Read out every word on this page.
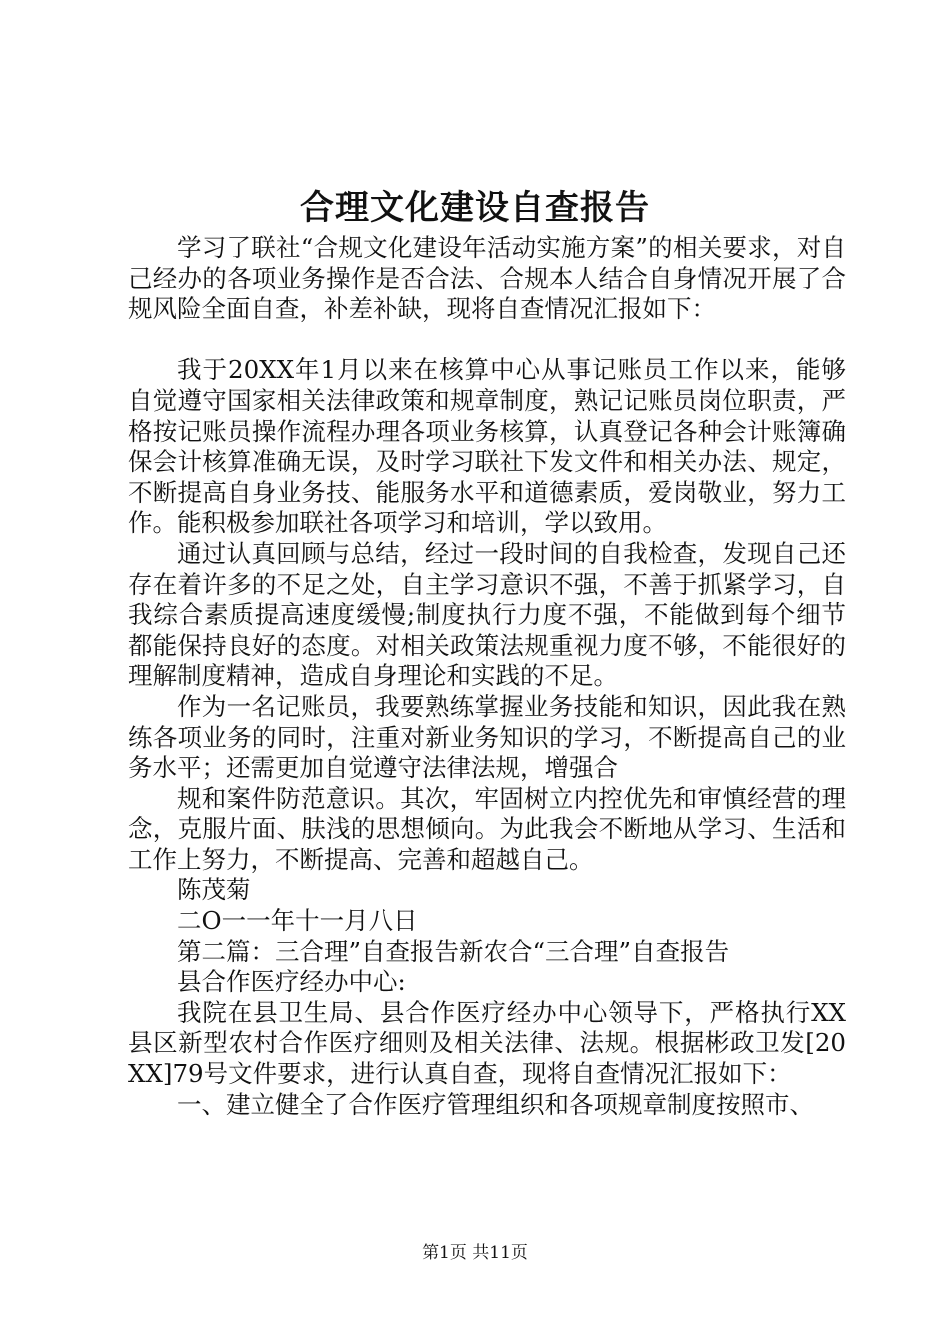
合理文化建设自查报告

学习了联社“合规文化建设年活动实施方案”的相关要求，对自己经办的各项业务操作是否合法、合规本人结合自身情况开展了合规风险全面自查，补差补缺，现将自查情况汇报如下：

我于20XX年1月以来在核算中心从事记账员工作以来，能够自觉遵守国家相关法律政策和规章制度，熟记记账员岗位职责，严格按记账员操作流程办理各项业务核算，认真登记各种会计账簿确保会计核算准确无误，及时学习联社下发文件和相关办法、规定，不断提高自身业务技、能服务水平和道德素质，爱岗敬业，努力工作。能积极参加联社各项学习和培训，学以致用。

通过认真回顾与总结，经过一段时间的自我检查，发现自己还存在着许多的不足之处，自主学习意识不强，不善于抓紧学习，自我综合素质提高速度缓慢;制度执行力度不强，不能做到每个细节都能保持良好的态度。对相关政策法规重视力度不够，不能很好的理解制度精神，造成自身理论和实践的不足。

作为一名记账员，我要熟练掌握业务技能和知识，因此我在熟练各项业务的同时，注重对新业务知识的学习，不断提高自己的业务水平；还需更加自觉遵守法律法规，增强合

规和案件防范意识。其次，牢固树立内控优先和审慎经营的理念，克服片面、肤浅的思想倾向。为此我会不断地从学习、生活和工作上努力，不断提高、完善和超越自己。

陈茂菊

二O一一年十一月八日

第二篇：三合理”自查报告新农合“三合理”自查报告

县合作医疗经办中心:

我院在县卫生局、县合作医疗经办中心领导下，严格执行XX县区新型农村合作医疗细则及相关法律、法规。根据彬政卫发[20XX]79号文件要求，进行认真自查，现将自查情况汇报如下：

一、建立健全了合作医疗管理组织和各项规章制度按照市、

第1页 共11页
